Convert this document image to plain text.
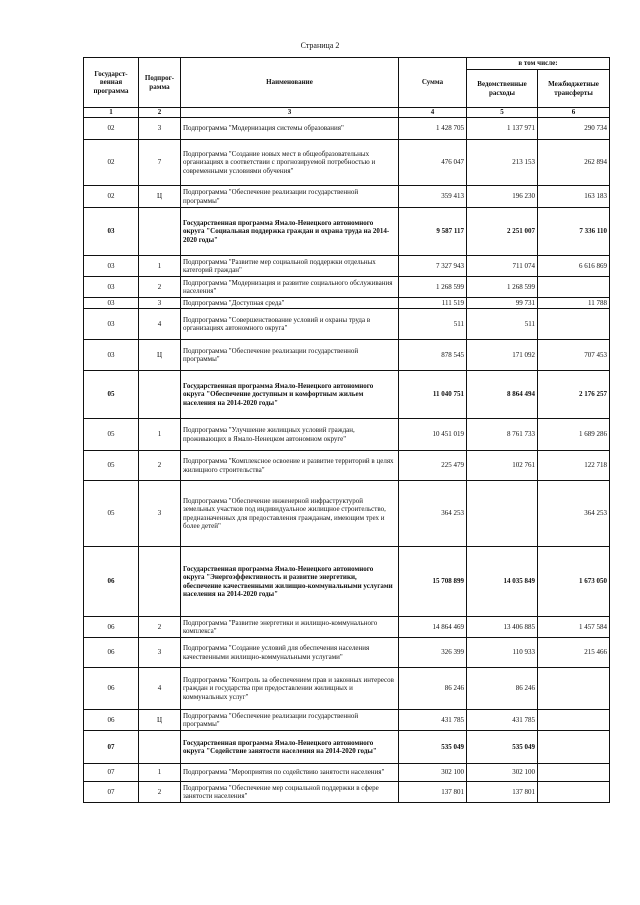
Страница 2
Государст-венная программа	Подпрог-рамма	Наименование	Сумма	в том числе:	
				Ведомственные расходы	Межбюджетные трансферты
1	2	3	4	5	6
02	3	Подпрограмма "Модернизация системы образования"	1 428 705	1 137 971	290 734
02	7	Подпрограмма "Создание новых мест в общеобразовательных организациях в соответствии с прогнозируемой потребностью и современными условиями обучения"	476 047	213 153	262 894
02	Ц	Подпрограмма "Обеспечение реализации государственной программы"	359 413	196 230	163 183
03		Государственная программа Ямало-Ненецкого автономного округа "Социальная поддержка граждан и охрана труда на 2014-2020 годы"	9 587 117	2 251 007	7 336 110
03	1	Подпрограмма "Развитие мер социальной поддержки отдельных категорий граждан"	7 327 943	711 074	6 616 869
03	2	Подпрограмма "Модернизация и развитие социального обслуживания населения"	1 268 599	1 268 599	
03	3	Подпрограмма "Доступная среда"	111 519	99 731	11 788
03	4	Подпрограмма "Совершенствование условий и охраны труда в организациях автономного округа"	511	511	
03	Ц	Подпрограмма "Обеспечение реализации государственной программы"	878 545	171 092	707 453
05		Государственная программа Ямало-Ненецкого автономного округа "Обеспечение доступным и комфортным жильем населения на 2014-2020 годы"	11 040 751	8 864 494	2 176 257
05	1	Подпрограмма "Улучшение жилищных условий граждан, проживающих в Ямало-Ненецком автономном округе"	10 451 019	8 761 733	1 689 286
05	2	Подпрограмма "Комплексное освоение и развитие территорий в целях жилищного строительства"	225 479	102 761	122 718
05	3	Подпрограмма "Обеспечение инженерной инфраструктурой земельных участков под индивидуальное жилищное строительство, предназначенных для предоставления гражданам, имеющим трех и более детей"	364 253		364 253
06		Государственная программа Ямало-Ненецкого автономного округа "Энергоэффективность и развитие энергетики, обеспечение качественными жилищно-коммунальными услугами населения на 2014-2020 годы"	15 708 899	14 035 849	1 673 050
06	2	Подпрограмма "Развитие энергетики и жилищно-коммунального комплекса"	14 864 469	13 406 885	1 457 584
06	3	Подпрограмма "Создание условий для обеспечения населения качественными жилищно-коммунальными услугами"	326 399	110 933	215 466
06	4	Подпрограмма "Контроль за обеспечением прав и законных интересов граждан и государства при предоставлении жилищных и коммунальных услуг"	86 246	86 246	
06	Ц	Подпрограмма "Обеспечение реализации государственной программы"	431 785	431 785	
07		Государственная программа Ямало-Ненецкого автономного округа "Содействие занятости населения на 2014-2020 годы"	535 049	535 049	
07	1	Подпрограмма "Мероприятия по содействию занятости населения"	302 100	302 100	
07	2	Подпрограмма "Обеспечение мер социальной поддержки в сфере занятости населения"	137 801	137 801	
